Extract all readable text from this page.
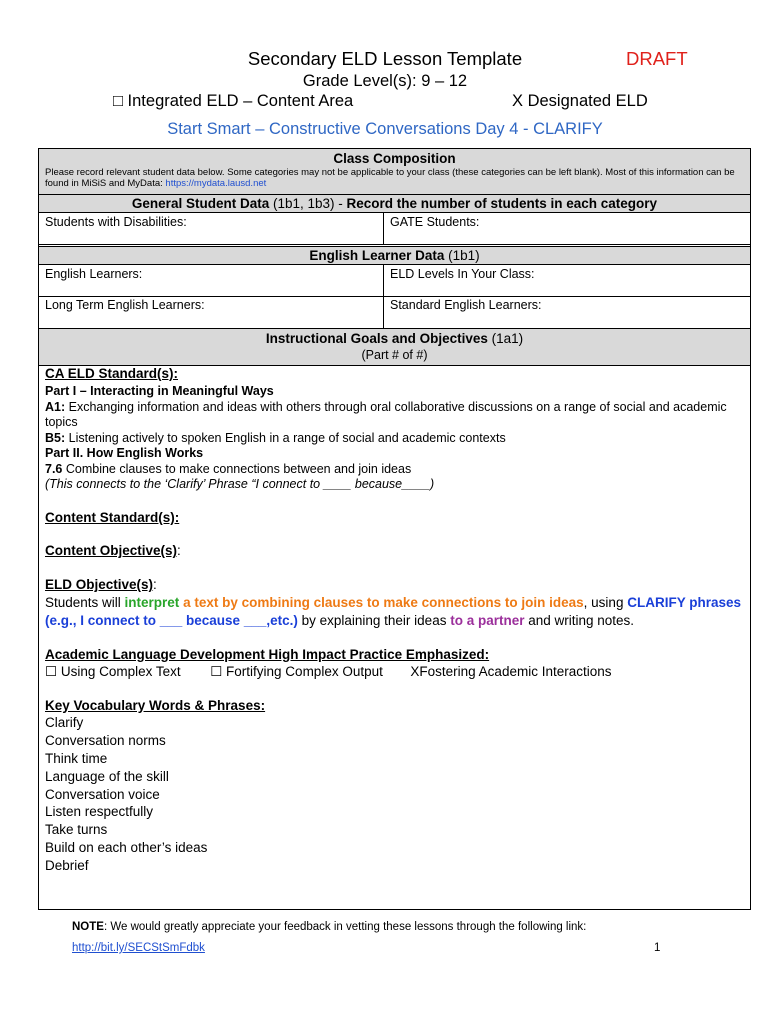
Secondary ELD Lesson Template	DRAFT
Grade Level(s): 9 – 12
□ Integrated ELD – Content Area	X Designated ELD
Start Smart – Constructive Conversations Day 4 - CLARIFY
Class Composition
Please record relevant student data below. Some categories may not be applicable to your class (these categories can be left blank). Most of this information can be found in MiSiS and MyData: https://mydata.lausd.net
General Student Data (1b1, 1b3) - Record the number of students in each category
Students with Disabilities:	GATE Students:
English Learner Data (1b1)
English Learners:	ELD Levels In Your Class:
Long Term English Learners:	Standard English Learners:
Instructional Goals and Objectives (1a1)
(Part # of #)

CA ELD Standard(s):

Part I – Interacting in Meaningful Ways

A1: Exchanging information and ideas with others through oral collaborative discussions on a range of social and academic topics

B5: Listening actively to spoken English in a range of social and academic contexts

Part II. How English Works

7.6 Combine clauses to make connections between and join ideas

(This connects to the ‘Clarify’ Phrase “I connect to ____ because____)

Content Standard(s):

Content Objective(s):

ELD Objective(s):

Students will interpret a text by combining clauses to make connections to join ideas, using CLARIFY phrases (e.g., I connect to ___ because ___,etc.) by explaining their ideas to a partner and writing notes.

Academic Language Development High Impact Practice Emphasized:

☐ Using Complex Text ☐ Fortifying Complex Output XFostering Academic Interactions

Key Vocabulary Words & Phrases:

Clarify

Conversation norms

Think time

Language of the skill

Conversation voice

Listen respectfully

Take turns

Build on each other’s ideas

Debrief

NOTE: We would greatly appreciate your feedback in vetting these lessons through the following link:
http://bit.ly/SECStSmFdbk	1
